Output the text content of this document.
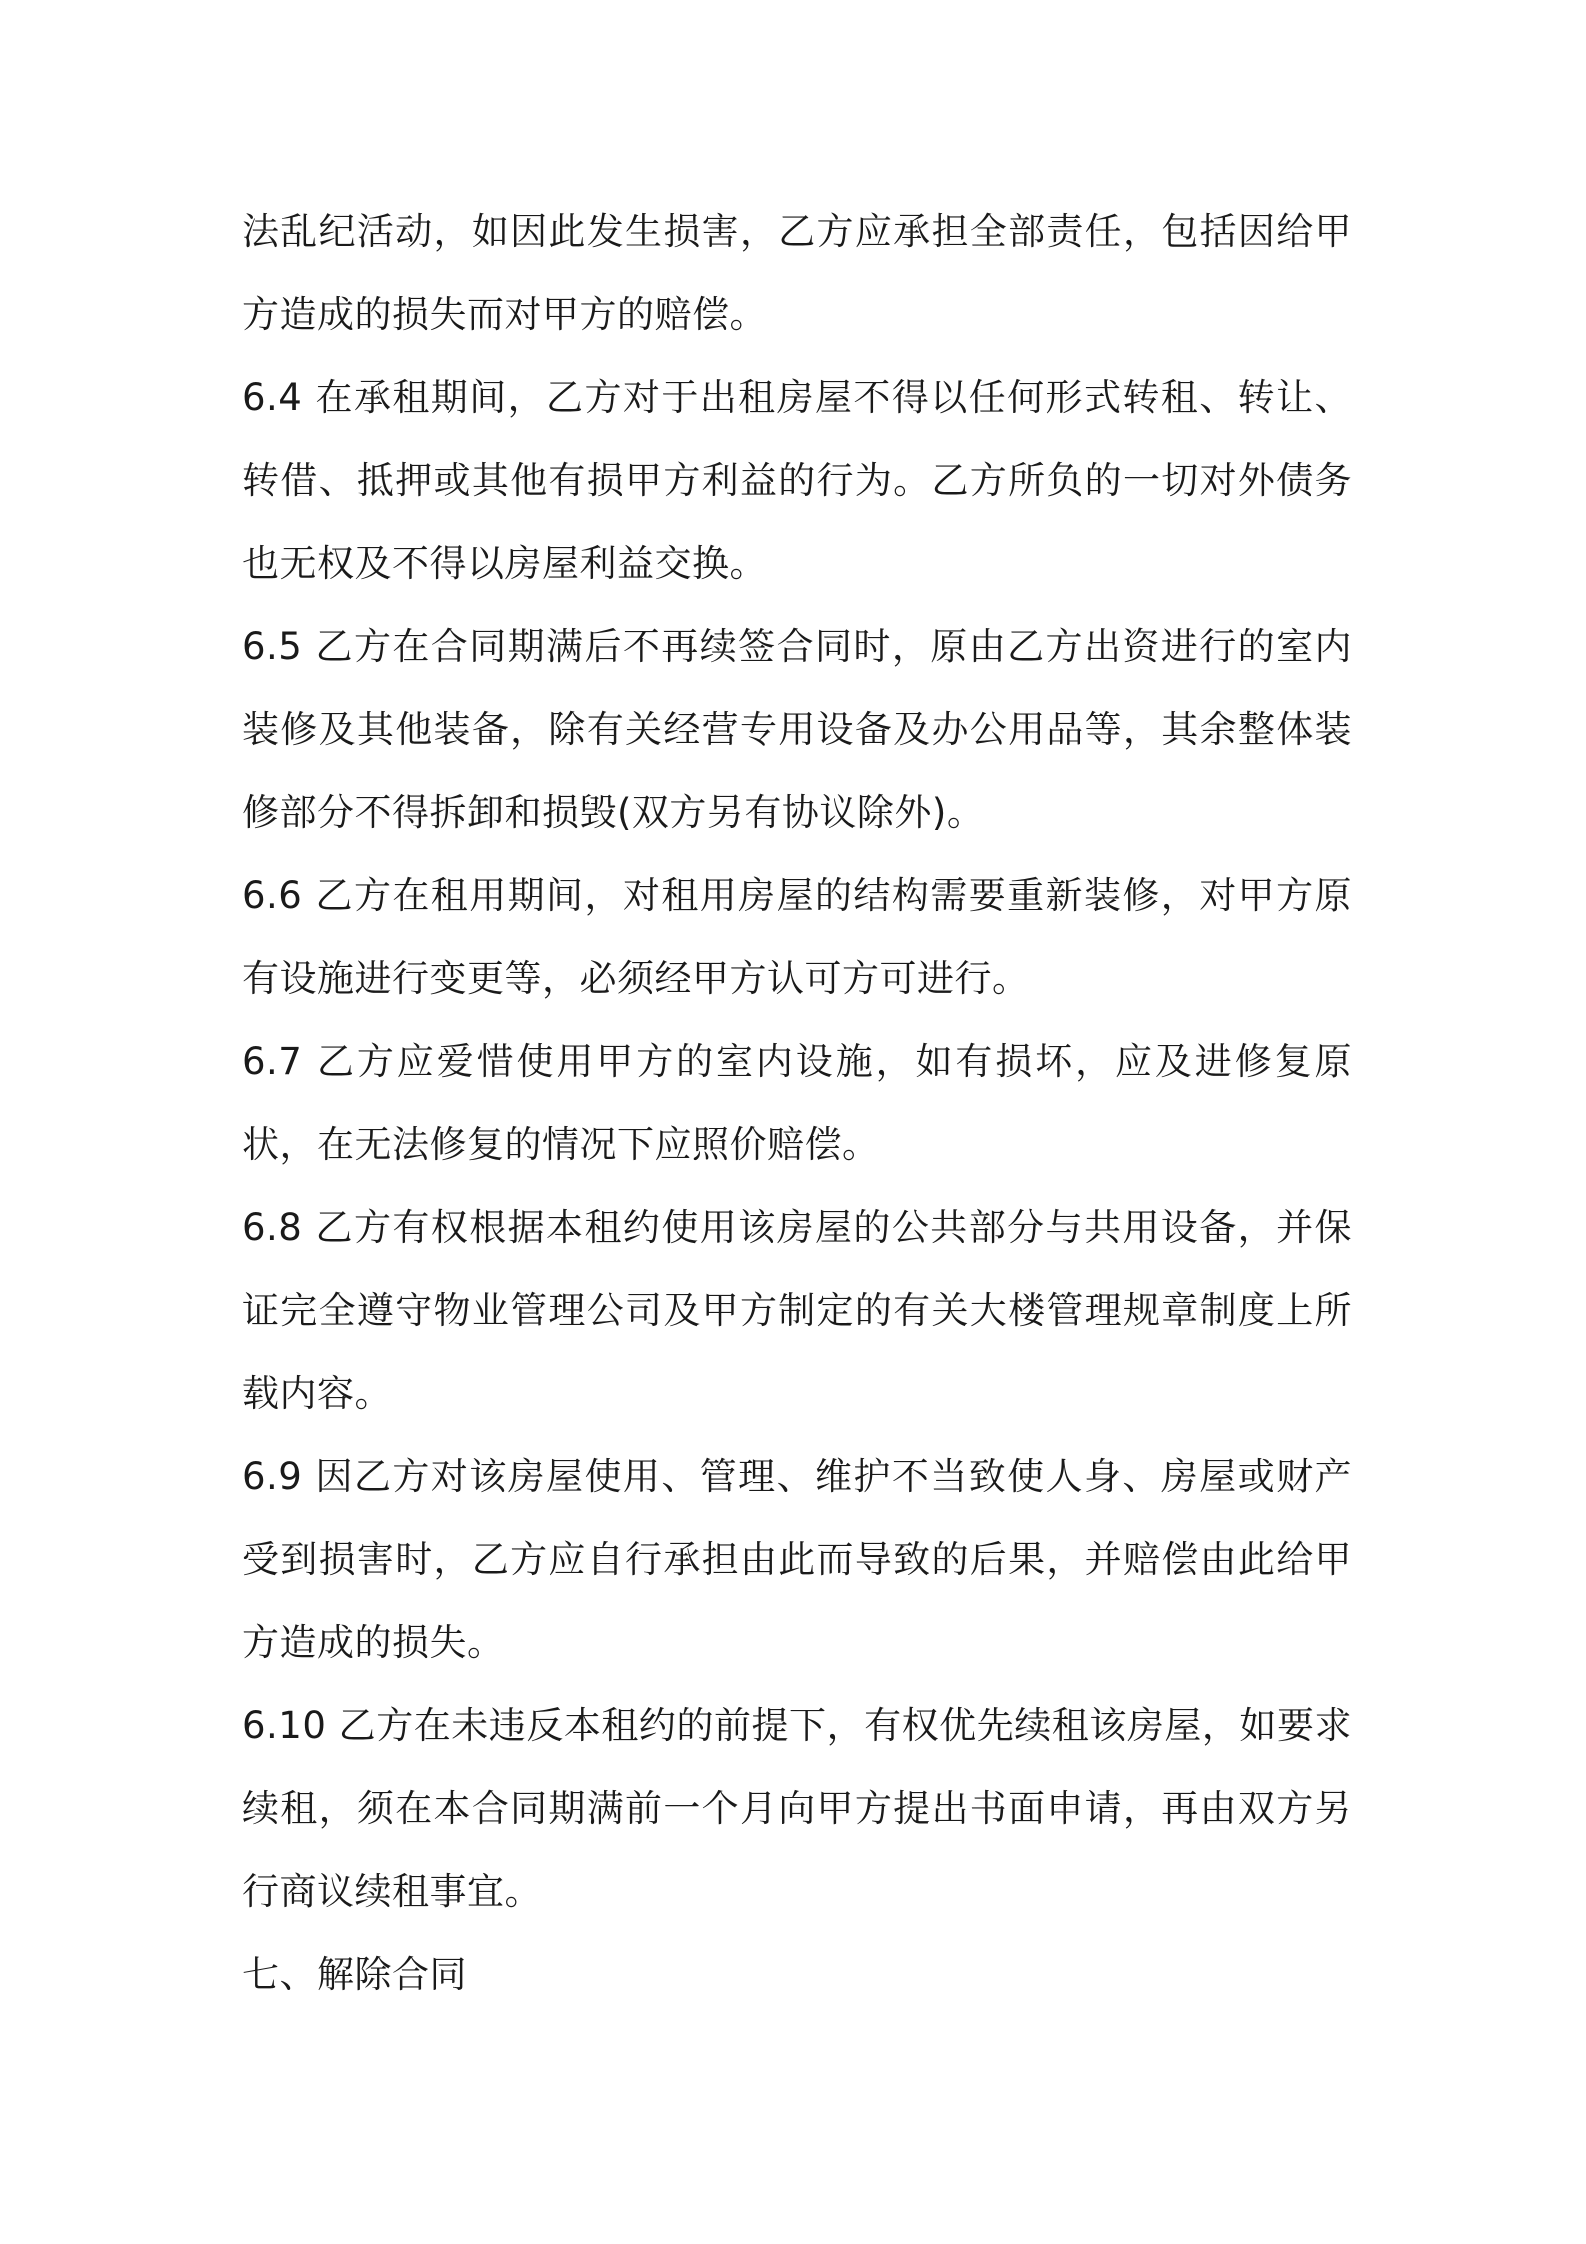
法乱纪活动，如因此发生损害，乙方应承担全部责任，包括因给甲方造成的损失而对甲方的赔偿。

6.4 在承租期间，乙方对于出租房屋不得以任何形式转租、转让、转借、抵押或其他有损甲方利益的行为。乙方所负的一切对外债务也无权及不得以房屋利益交换。

6.5 乙方在合同期满后不再续签合同时，原由乙方出资进行的室内装修及其他装备，除有关经营专用设备及办公用品等，其余整体装修部分不得拆卸和损毁(双方另有协议除外)。

6.6 乙方在租用期间，对租用房屋的结构需要重新装修，对甲方原有设施进行变更等，必须经甲方认可方可进行。

6.7 乙方应爱惜使用甲方的室内设施，如有损坏，应及进修复原状，在无法修复的情况下应照价赔偿。

6.8 乙方有权根据本租约使用该房屋的公共部分与共用设备，并保证完全遵守物业管理公司及甲方制定的有关大楼管理规章制度上所载内容。

6.9 因乙方对该房屋使用、管理、维护不当致使人身、房屋或财产受到损害时，乙方应自行承担由此而导致的后果，并赔偿由此给甲方造成的损失。

6.10 乙方在未违反本租约的前提下，有权优先续租该房屋，如要求续租，须在本合同期满前一个月向甲方提出书面申请，再由双方另行商议续租事宜。

七、解除合同
